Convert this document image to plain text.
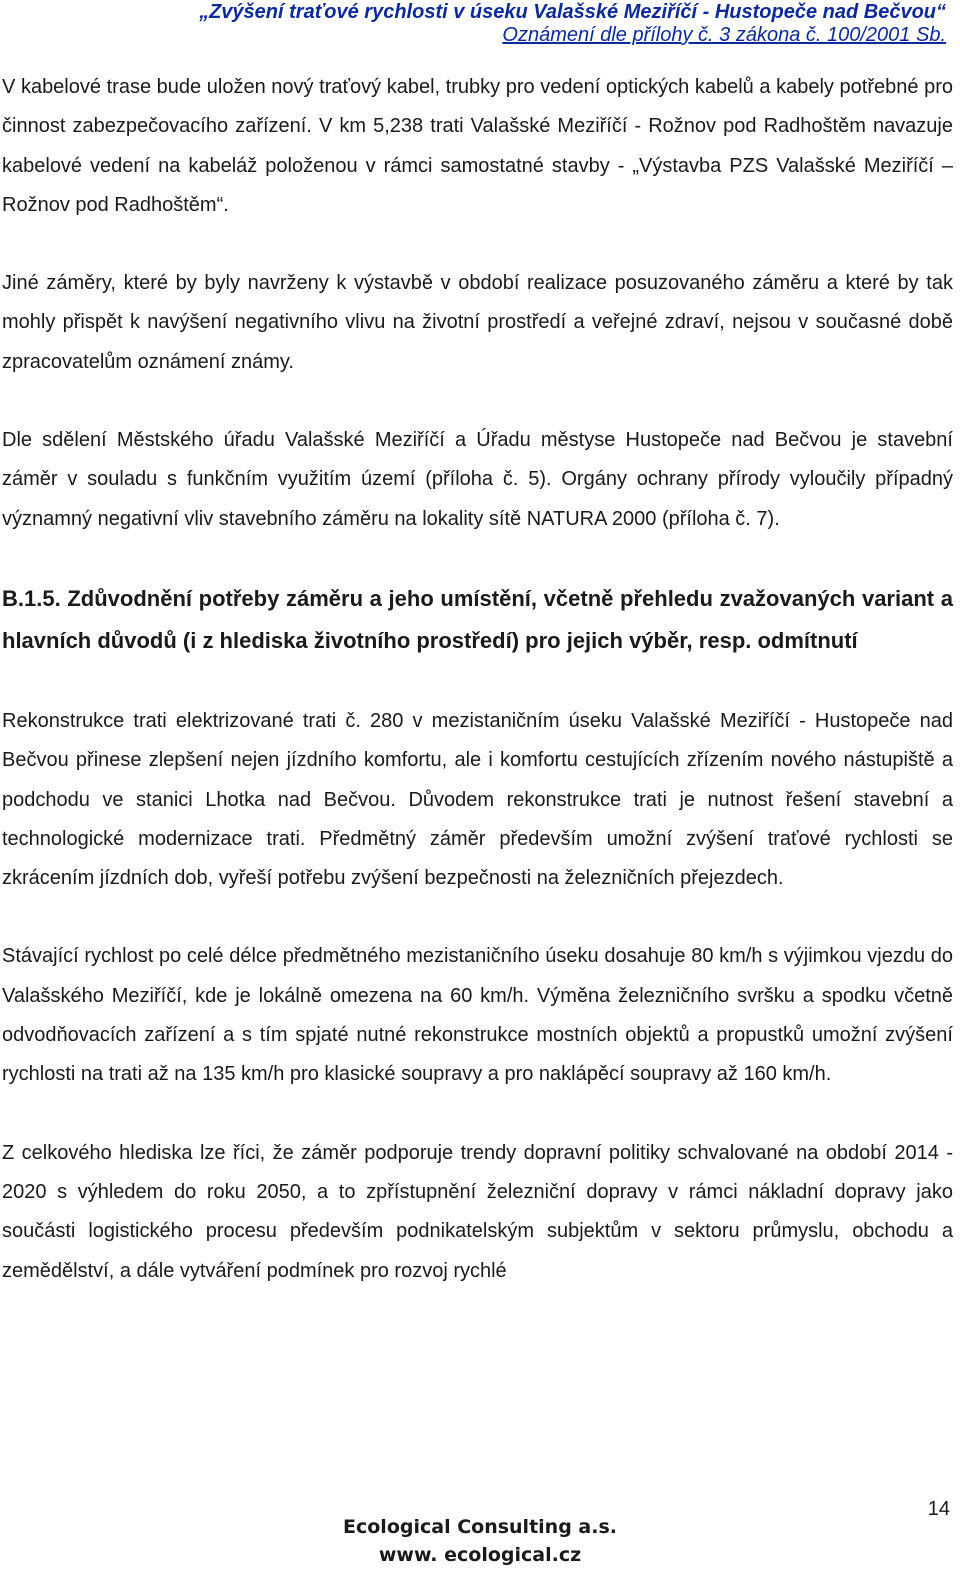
„Zvýšení traťové rychlosti v úseku Valašské Meziříčí - Hustopeče nad Bečvou“
Oznámení dle přílohy č. 3 zákona č. 100/2001 Sb.

V kabelové trase bude uložen nový traťový kabel, trubky pro vedení optických kabelů a kabely potřebné pro činnost zabezpečovacího zařízení. V km 5,238 trati Valašské Meziříčí - Rožnov pod Radhoštěm navazuje kabelové vedení na kabeláž položenou v rámci samostatné stavby - „Výstavba PZS Valašské Meziříčí – Rožnov pod Radhoštěm“.

Jiné záměry, které by byly navrženy k výstavbě v období realizace posuzovaného záměru a které by tak mohly přispět k navýšení negativního vlivu na životní prostředí a veřejné zdraví, nejsou v současné době zpracovatelům oznámení známy.

Dle sdělení Městského úřadu Valašské Meziříčí a Úřadu městyse Hustopeče nad Bečvou je stavební záměr v souladu s funkčním využitím území (příloha č. 5). Orgány ochrany přírody vyloučily případný významný negativní vliv stavebního záměru na lokality sítě NATURA 2000 (příloha č. 7).

B.1.5. Zdůvodnění potřeby záměru a jeho umístění, včetně přehledu zvažovaných variant a hlavních důvodů (i z hlediska životního prostředí) pro jejich výběr, resp. odmítnutí

Rekonstrukce trati elektrizované trati č. 280 v mezistaničním úseku Valašské Meziříčí - Hustopeče nad Bečvou přinese zlepšení nejen jízdního komfortu, ale i komfortu cestujících zřízením nového nástupiště a podchodu ve stanici Lhotka nad Bečvou. Důvodem rekonstrukce trati je nutnost řešení stavební a technologické modernizace trati. Předmětný záměr především umožní zvýšení traťové rychlosti se zkrácením jízdních dob, vyřeší potřebu zvýšení bezpečnosti na železničních přejezdech.

Stávající rychlost po celé délce předmětného mezistaničního úseku dosahuje 80 km/h s výjimkou vjezdu do Valašského Meziříčí, kde je lokálně omezena na 60 km/h. Výměna železničního svršku a spodku včetně odvodňovacích zařízení a s tím spjaté nutné rekonstrukce mostních objektů a propustků umožní zvýšení rychlosti na trati až na 135 km/h pro klasické soupravy a pro naklápěcí soupravy až 160 km/h.

Z celkového hlediska lze říci, že záměr podporuje trendy dopravní politiky schvalované na období 2014 - 2020 s výhledem do roku 2050, a to zpřístupnění železniční dopravy v rámci nákladní dopravy jako součásti logistického procesu především podnikatelským subjektům v sektoru průmyslu, obchodu a zemědělství, a dále vytváření podmínek pro rozvoj rychlé

Ecological Consulting a.s.
www. ecological.cz
14
